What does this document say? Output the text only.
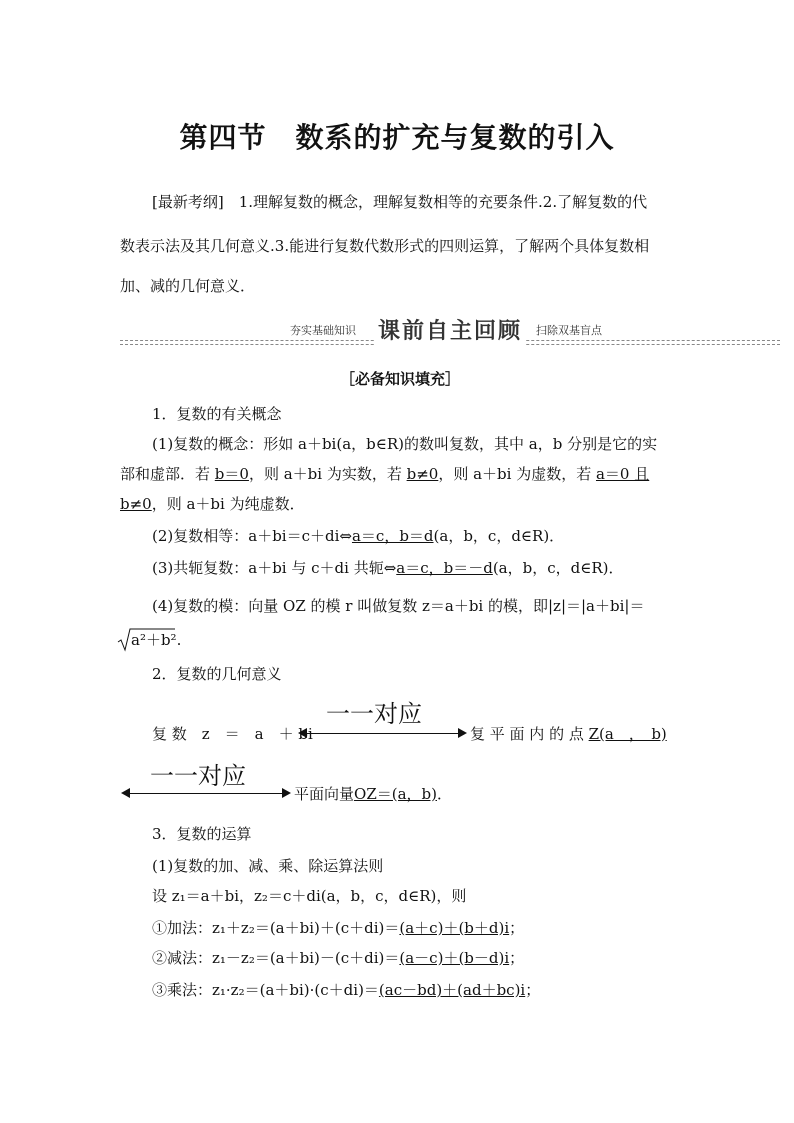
第四节　数系的扩充与复数的引入
[最新考纲]　1.理解复数的概念，理解复数相等的充要条件.2.了解复数的代
数表示法及其几何意义.3.能进行复数代数形式的四则运算，了解两个具体复数相
加、减的几何意义．
夯实基础知识 课前自主回顾	扫除双基盲点
［必备知识填充］
1．复数的有关概念
(1)复数的概念：形如 a＋bi(a，b∈R)的数叫复数，其中 a，b 分别是它的实
部和虚部．若 b＝0，则 a＋bi 为实数，若 b≠0，则 a＋bi 为虚数，若 a＝0 且
b≠0，则 a＋bi 为纯虚数．
(2)复数相等：a＋bi＝c＋di⇔a＝c，b＝d(a，b，c，d∈R)．
(3)共轭复数：a＋bi 与 c＋di 共轭⇔a＝c，b＝－d(a，b，c，d∈R)．
(4)复数的模：向量 OZ 的模 r 叫做复数 z＝a＋bi 的模，即|z|＝|a＋bi|＝
a²＋b².
2．复数的几何意义
一一对应
复 数　z　＝　a　＋ bi	复 平 面 内 的 点 Z(a　，　b)
一一对应
平面向量OZ＝(a，b)．
3．复数的运算
(1)复数的加、减、乘、除运算法则
设 z₁＝a＋bi，z₂＝c＋di(a，b，c，d∈R)，则
①加法：z₁＋z₂＝(a＋bi)＋(c＋di)＝(a＋c)＋(b＋d)i；
②减法：z₁－z₂＝(a＋bi)－(c＋di)＝(a－c)＋(b－d)i；
③乘法：z₁·z₂＝(a＋bi)·(c＋di)＝(ac－bd)＋(ad＋bc)i；
